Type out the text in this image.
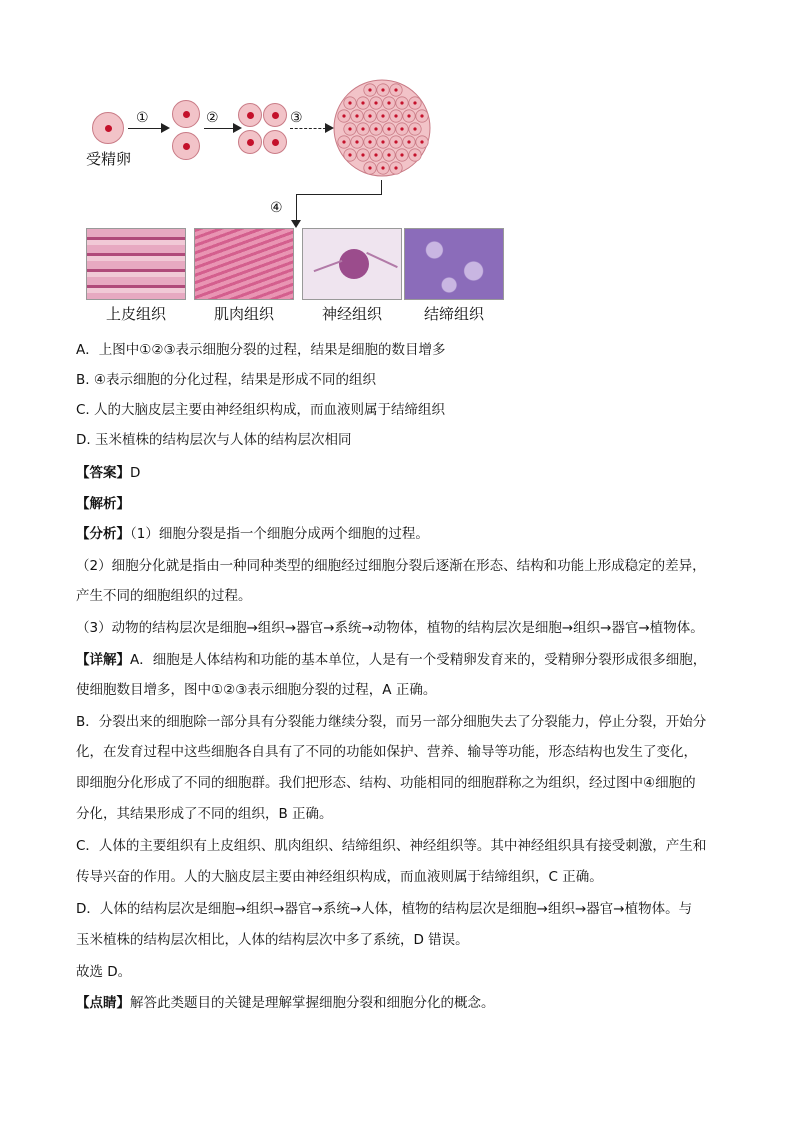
受精卵
①	②	③
④
上皮组织	肌肉组织	神经组织	结缔组织
A．上图中①②③表示细胞分裂的过程，结果是细胞的数目增多
B. ④表示细胞的分化过程，结果是形成不同的组织
C. 人的大脑皮层主要由神经组织构成，而血液则属于结缔组织
D. 玉米植株的结构层次与人体的结构层次相同
【答案】D
【解析】
【分析】（1）细胞分裂是指一个细胞分成两个细胞的过程。
（2）细胞分化就是指由一种同种类型的细胞经过细胞分裂后逐渐在形态、结构和功能上形成稳定的差异，
产生不同的细胞组织的过程。
（3）动物的结构层次是细胞→组织→器官→系统→动物体，植物的结构层次是细胞→组织→器官→植物体。
【详解】A．细胞是人体结构和功能的基本单位，人是有一个受精卵发育来的，受精卵分裂形成很多细胞，
使细胞数目增多，图中①②③表示细胞分裂的过程，A 正确。
B．分裂出来的细胞除一部分具有分裂能力继续分裂，而另一部分细胞失去了分裂能力，停止分裂，开始分
化，在发育过程中这些细胞各自具有了不同的功能如保护、营养、输导等功能，形态结构也发生了变化，
即细胞分化形成了不同的细胞群。我们把形态、结构、功能相同的细胞群称之为组织，经过图中④细胞的
分化，其结果形成了不同的组织，B 正确。
C．人体的主要组织有上皮组织、肌肉组织、结缔组织、神经组织等。其中神经组织具有接受刺激，产生和
传导兴奋的作用。人的大脑皮层主要由神经组织构成，而血液则属于结缔组织，C 正确。
D．人体的结构层次是细胞→组织→器官→系统→人体，植物的结构层次是细胞→组织→器官→植物体。与
玉米植株的结构层次相比，人体的结构层次中多了系统，D 错误。
故选 D。
【点睛】解答此类题目的关键是理解掌握细胞分裂和细胞分化的概念。
